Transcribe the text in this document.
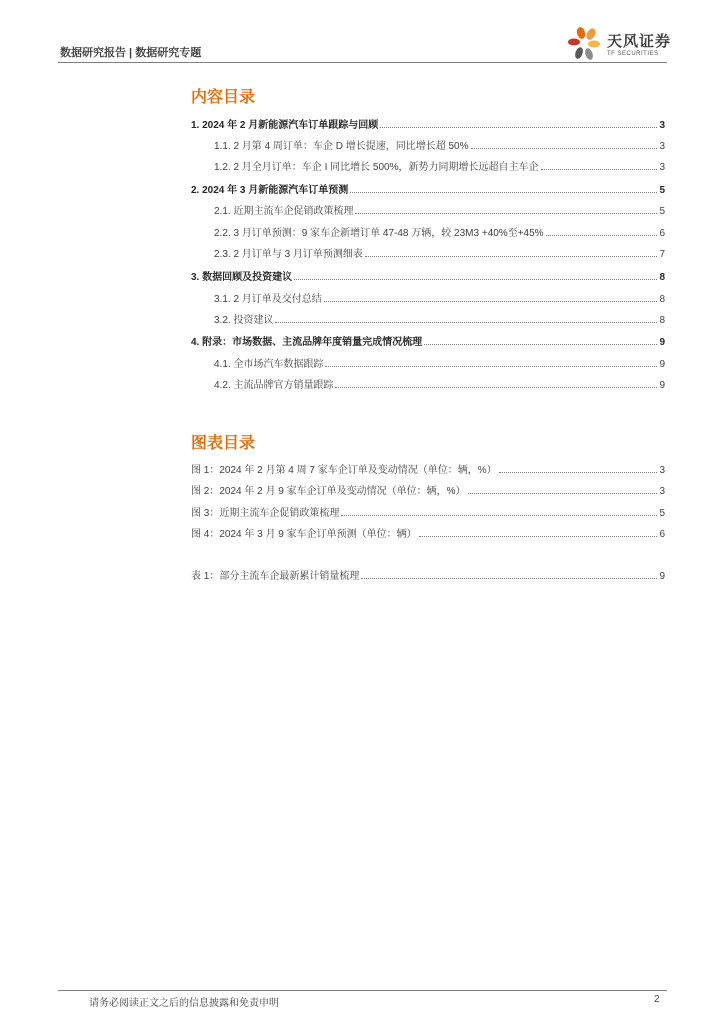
数据研究报告 | 数据研究专题
天风证券
TF SECURITIES
内容目录
1. 2024 年 2 月新能源汽车订单跟踪与回顾	3
1.1. 2 月第 4 周订单：车企 D 增长提速，同比增长超 50%	3
1.2. 2 月全月订单：车企 I 同比增长 500%，新势力同期增长远超自主车企	3
2. 2024 年 3 月新能源汽车订单预测	5
2.1. 近期主流车企促销政策梳理	5
2.2. 3 月订单预测：9 家车企新增订单 47-48 万辆，较 23M3 +40%至+45%	6
2.3. 2 月订单与 3 月订单预测细表	7
3. 数据回顾及投资建议	8
3.1. 2 月订单及交付总结	8
3.2. 投资建议	8
4. 附录：市场数据、主流品牌年度销量完成情况梳理	9
4.1. 全市场汽车数据跟踪	9
4.2. 主流品牌官方销量跟踪	9
图表目录
图 1：2024 年 2 月第 4 周 7 家车企订单及变动情况（单位：辆，%）	3
图 2：2024 年 2 月 9 家车企订单及变动情况（单位：辆，%）	3
图 3：近期主流车企促销政策梳理	5
图 4：2024 年 3 月 9 家车企订单预测（单位：辆）	6
表 1：部分主流车企最新累计销量梳理	9
请务必阅读正文之后的信息披露和免责申明	2
